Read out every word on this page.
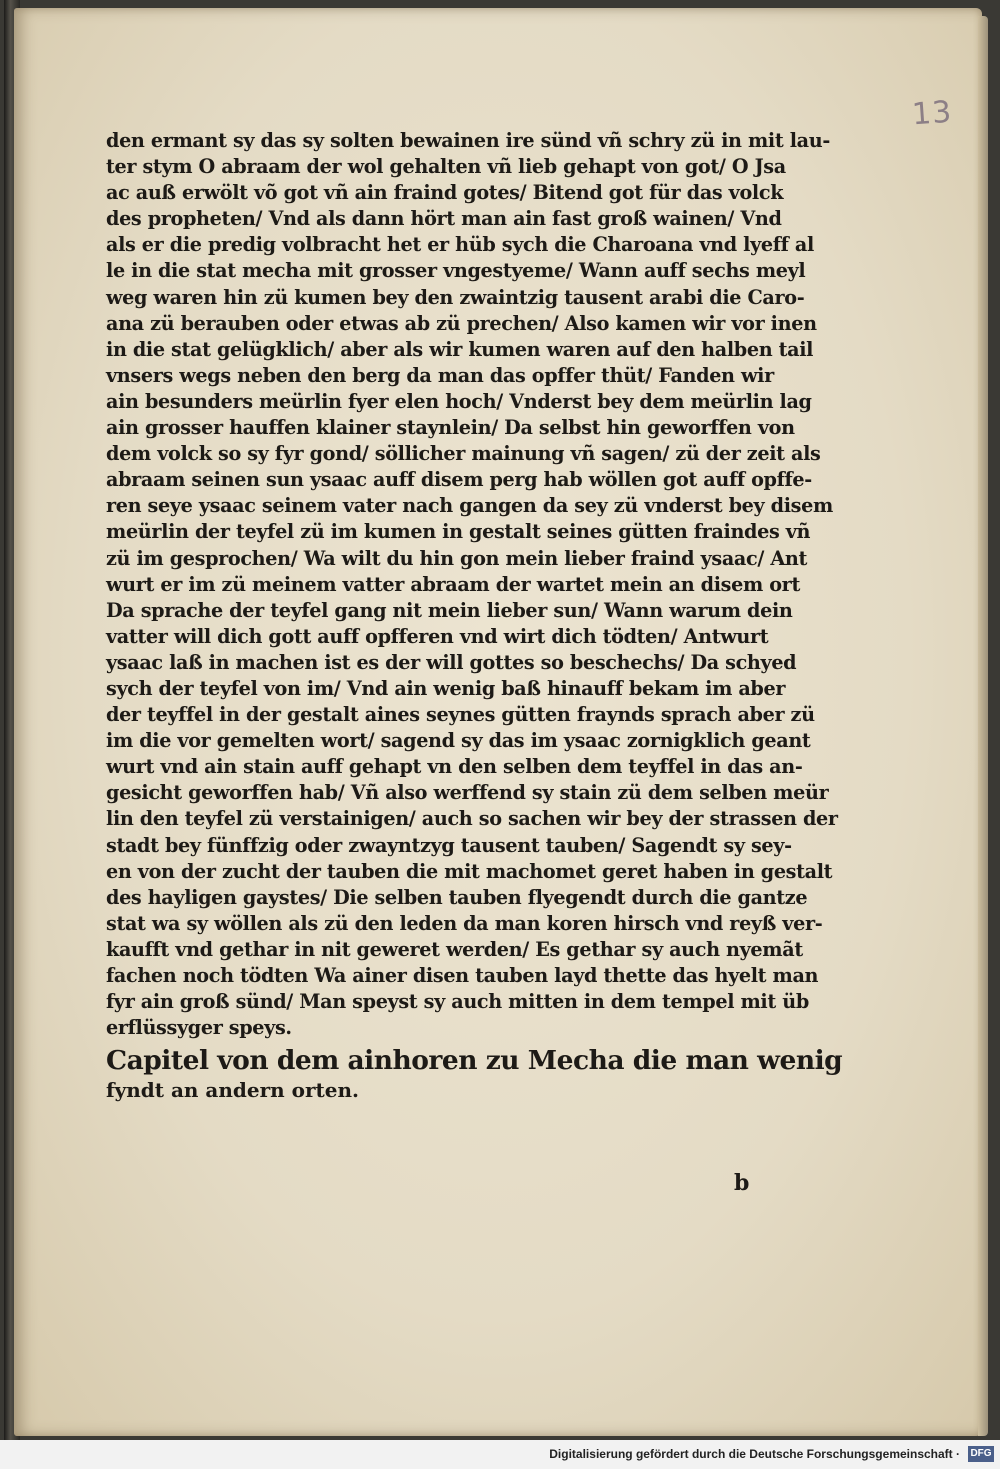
13
den ermant sy das sy solten bewainen ire sünd vñ schry zü in mit lau-
ter stym O abraam der wol gehalten vñ lieb gehapt von got/ O Jsa
ac auß erwölt võ got vñ ain fraind gotes/ Bitend got für das volck
des propheten/ Vnd als dann hört man ain fast groß wainen/ Vnd
als er die predig volbracht het er hüb sych die Charoana vnd lyeff al
le in die stat mecha mit grosser vngestyeme/ Wann auff sechs meyl
weg waren hin zü kumen bey den zwaintzig tausent arabi die Caro-
ana zü berauben oder etwas ab zü prechen/ Also kamen wir vor inen
in die stat gelügklich/ aber als wir kumen waren auf den halben tail
vnsers wegs neben den berg da man das opffer thüt/ Fanden wir
ain besunders meürlin fyer elen hoch/ Vnderst bey dem meürlin lag
ain grosser hauffen klainer staynlein/ Da selbst hin geworffen von
dem volck so sy fyr gond/ söllicher mainung vñ sagen/ zü der zeit als
abraam seinen sun ysaac auff disem perg hab wöllen got auff opffe-
ren seye ysaac seinem vater nach gangen da sey zü vnderst bey disem
meürlin der teyfel zü im kumen in gestalt seines gütten fraindes vñ
zü im gesprochen/ Wa wilt du hin gon mein lieber fraind ysaac/ Ant
wurt er im zü meinem vatter abraam der wartet mein an disem ort
Da sprache der teyfel gang nit mein lieber sun/ Wann warum dein
vatter will dich gott auff opfferen vnd wirt dich tödten/ Antwurt
ysaac laß in machen ist es der will gottes so beschechs/ Da schyed
sych der teyfel von im/ Vnd ain wenig baß hinauff bekam im aber
der teyffel in der gestalt aines seynes gütten fraynds sprach aber zü
im die vor gemelten wort/ sagend sy das im ysaac zornigklich geant
wurt vnd ain stain auff gehapt vn den selben dem teyffel in das an-
gesicht geworffen hab/ Vñ also werffend sy stain zü dem selben meür
lin den teyfel zü verstainigen/ auch so sachen wir bey der strassen der
stadt bey fünffzig oder zwayntzyg tausent tauben/ Sagendt sy sey-
en von der zucht der tauben die mit machomet geret haben in gestalt
des hayligen gaystes/ Die selben tauben flyegendt durch die gantze
stat wa sy wöllen als zü den leden da man koren hirsch vnd reyß ver-
kaufft vnd gethar in nit geweret werden/ Es gethar sy auch nyemãt
fachen noch tödten Wa ainer disen tauben layd thette das hyelt man
fyr ain groß sünd/ Man speyst sy auch mitten in dem tempel mit üb
erflüssyger speys.
Capitel von dem ainhoren zu Mecha die man wenig
fyndt an andern orten.
b
Digitalisierung gefördert durch die Deutsche Forschungsgemeinschaft · DFG
